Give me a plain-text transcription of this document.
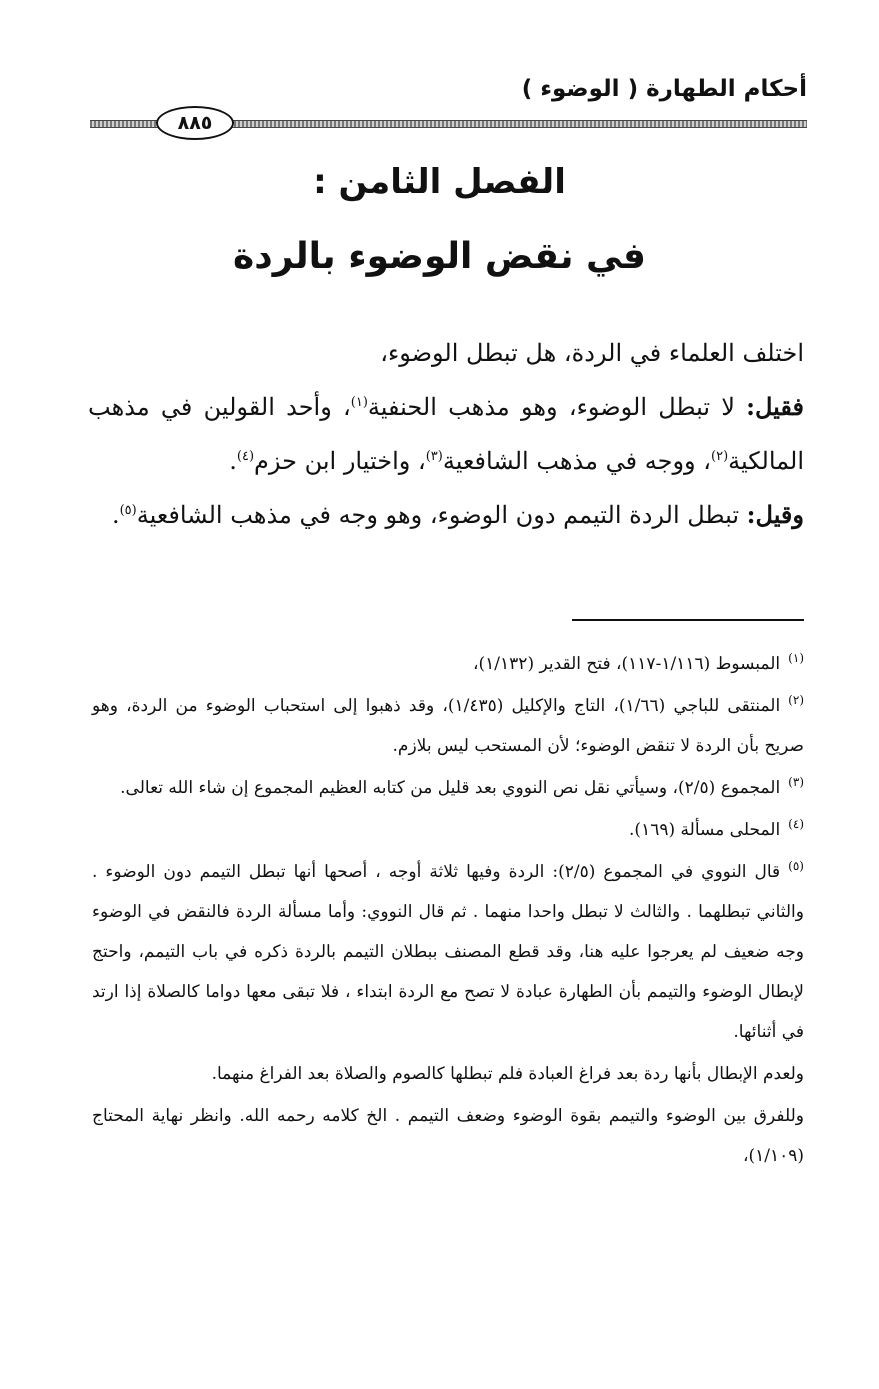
أحكام الطهارة ( الوضوء )
٨٨٥
الفصل الثامن :
في نقض الوضوء بالردة

اختلف العلماء في الردة، هل تبطل الوضوء،

فقيل: لا تبطل الوضوء، وهو مذهب الحنفية$^{(١)}$، وأحد القولين في مذهب المالكية$^{(٢)}$، ووجه في مذهب الشافعية$^{(٣)}$، واختيار ابن حزم$^{(٤)}$.

وقيل: تبطل الردة التيمم دون الوضوء، وهو وجه في مذهب الشافعية$^{(٥)}$.

$^{(١)}$المبسوط (١/١١٦-١١٧)، فتح القدير (١/١٣٢)،

$^{(٢)}$المنتقى للباجي (١/٦٦)، التاج والإكليل (١/٤٣٥)، وقد ذهبوا إلى استحباب الوضوء من الردة، وهو صريح بأن الردة لا تنقض الوضوء؛ لأن المستحب ليس بلازم.

$^{(٣)}$المجموع (٢/٥)، وسيأتي نقل نص النووي بعد قليل من كتابه العظيم المجموع إن شاء الله تعالى.

$^{(٤)}$المحلى مسألة (١٦٩).

$^{(٥)}$قال النووي في المجموع (٢/٥): الردة وفيها ثلاثة أوجه ، أصحها أنها تبطل التيمم دون الوضوء . والثاني تبطلهما . والثالث لا تبطل واحدا منهما . ثم قال النووي: وأما مسألة الردة فالنقض في الوضوء وجه ضعيف لم يعرجوا عليه هنا، وقد قطع المصنف ببطلان التيمم بالردة ذكره في باب التيمم، واحتج لإبطال الوضوء والتيمم بأن الطهارة عبادة لا تصح مع الردة ابتداء ، فلا تبقى معها دواما كالصلاة إذا ارتد في أثنائها.

ولعدم الإبطال بأنها ردة بعد فراغ العبادة فلم تبطلها كالصوم والصلاة بعد الفراغ منهما.

وللفرق بين الوضوء والتيمم بقوة الوضوء وضعف التيمم . الخ كلامه رحمه الله. وانظر نهاية المحتاج (١/١٠٩)،
